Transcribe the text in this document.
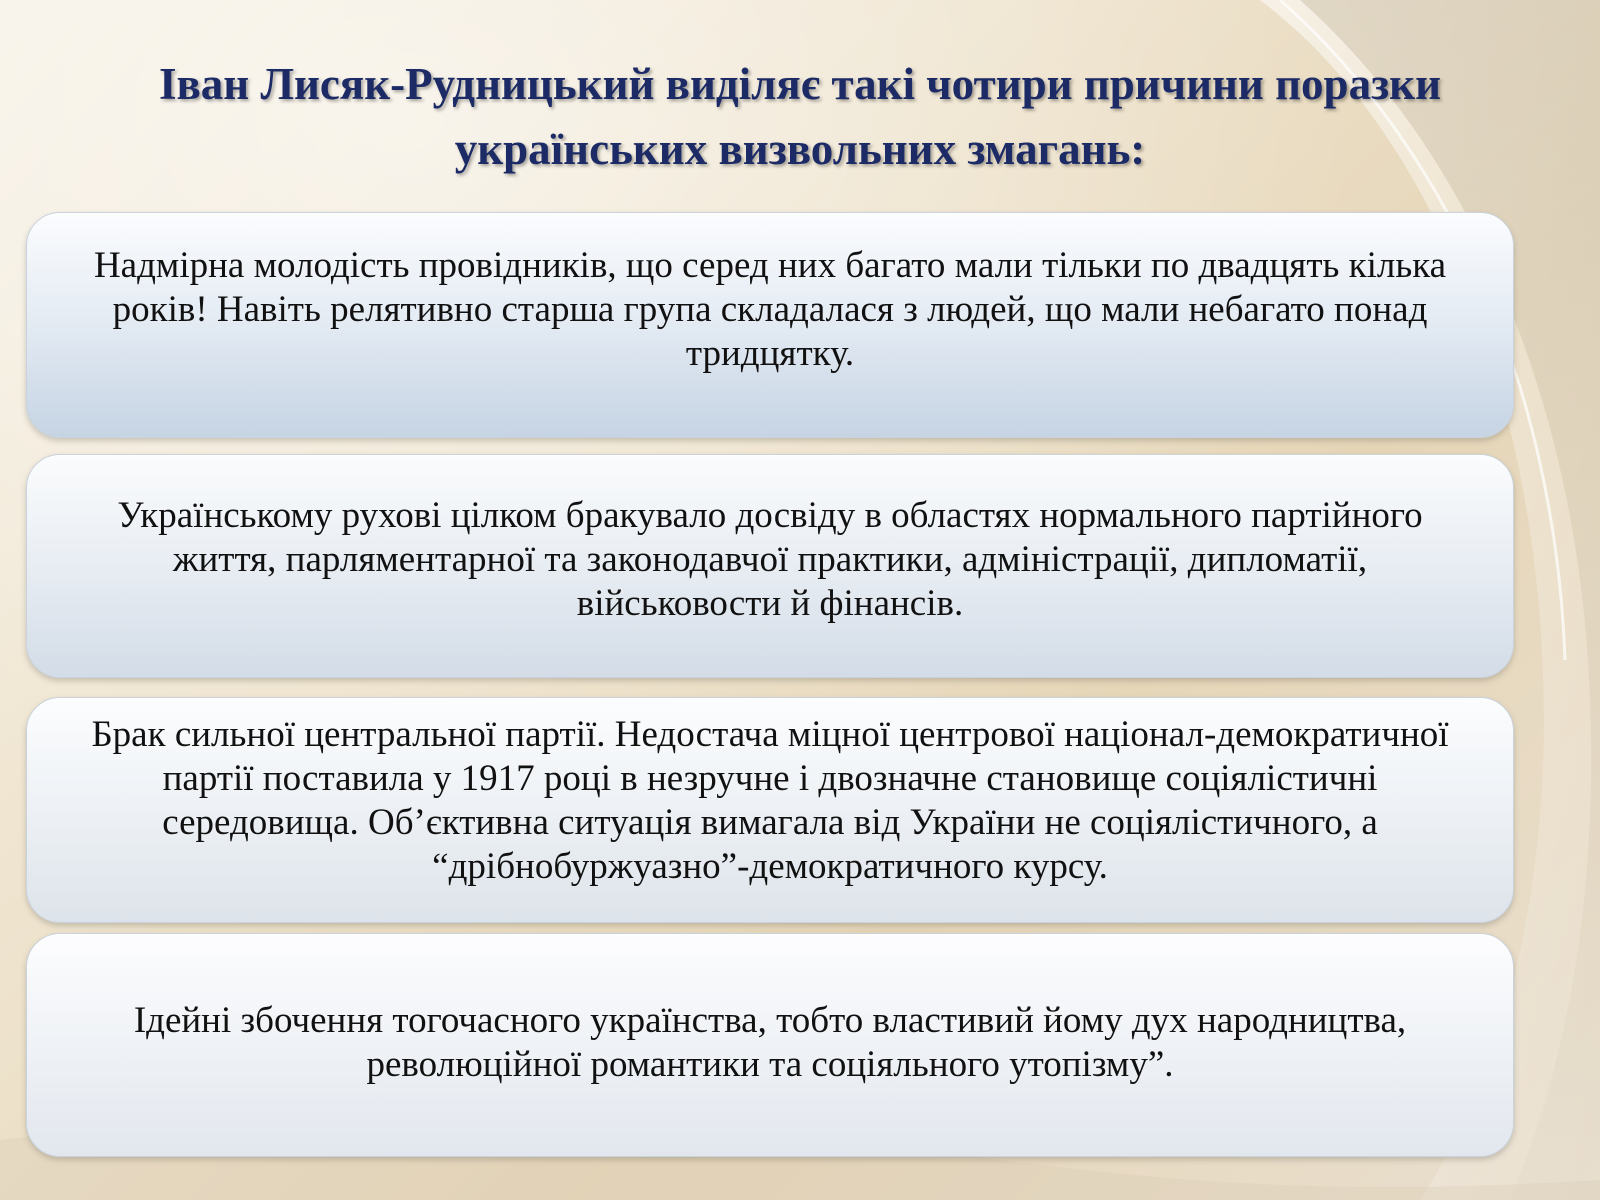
Іван Лисяк-Рудницький виділяє такі чотири причини поразки українських визвольних змагань:

Надмірна молодість провідників, що серед них багато мали тільки по двадцять кілька років! Навіть релятивно старша група складалася з людей, що мали небагато понад тридцятку.

Українському рухові цілком бракувало досвіду в областях нормального партійного життя, парляментарної та законодавчої практики, адміністрації, дипломатії, військовости й фінансів.

Брак сильної центральної партії. Недостача міцної центрової націонал-демократичної партії поставила у 1917 році в незручне і двозначне становище соціялістичні середовища. Об’єктивна ситуація вимагала від України не соціялістичного, а “дрібнобуржуазно”-демократичного курсу.

Ідейні збочення тогочасного українства, тобто властивий йому дух народництва, революційної романтики та соціяльного утопізму”.
